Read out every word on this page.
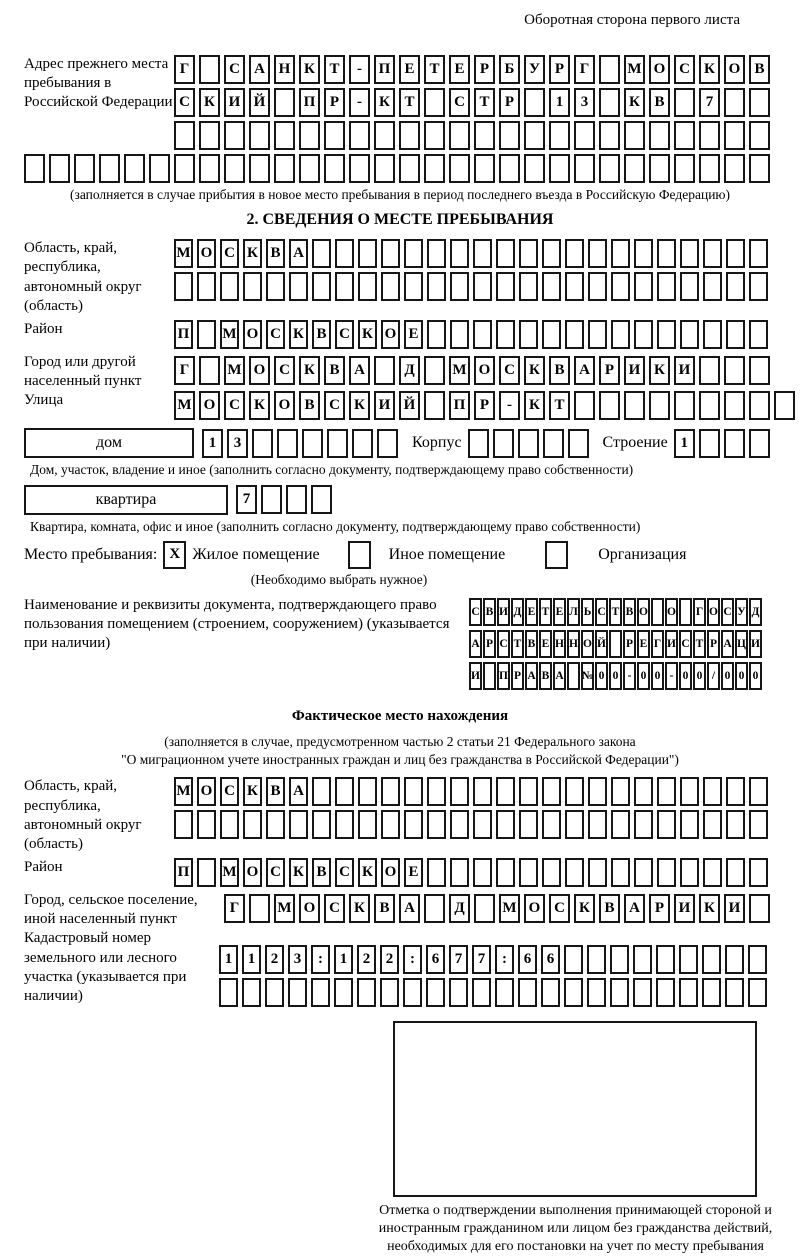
Оборотная сторона первого листа
Адрес прежнего места пребывания в Российской Федерации
Г	С А Н К Т	-	П Е Т Е	Р	Б У Р	Г	М О С К О В
С К И Й	П Р	-	К Т	С Т	Р	1	3	К В	7
(заполняется в случае прибытия в новое место пребывания в период последнего въезда в Российскую Федерацию)
2. СВЕДЕНИЯ О МЕСТЕ ПРЕБЫВАНИЯ
Область, край, республика, автономный округ (область)
М О С К В А
Район	П М О С К В С К О Е
Город или другой населенный пункт
Г	М О С К В А	Д	М О С К В А Р И К И
Улица	М О С К О В С К И Й	П Р	-	К Т
дом	1	3	Корпус	Строение 1
Дом, участок, владение и иное (заполнить согласно документу, подтверждающему право собственности)
квартира	7
Квартира, комната, офис и иное (заполнить согласно документу, подтверждающему право собственности)
Место пребывания: X Жилое помещение	Иное помещение	Организация
(Необходимо выбрать нужное)
Наименование и реквизиты документа, подтверждающего право пользования помещением (строением, сооружением) (указывается при наличии)
С В И Д Е Т Е Л Ь С Т В О О Г О С У Д
А Р С Т В Е Н Н О Й Р Е Г И С Т Р А Ц И
И П Р А В А № 0 0 - 0 0 - 0 0 / 0 0 0
Фактическое место нахождения
(заполняется в случае, предусмотренном частью 2 статьи 21 Федерального закона
"О миграционном учете иностранных граждан и лиц без гражданства в Российской Федерации")
Область, край, республика, автономный округ (область)
М О С К В А
Район	П М О С К В С К О Е
Город, сельское поселение, иной населенный пункт
Г	М О С К В А	Д	М О С К В А Р И К И
Кадастровый номер земельного или лесного участка (указывается при наличии)
1	1	2	3	:	1	2	2	:	6	7	7	:	6	6
Отметка о подтверждении выполнения принимающей стороной и иностранным гражданином или лицом без гражданства действий, необходимых для его постановки на учет по месту пребывания
